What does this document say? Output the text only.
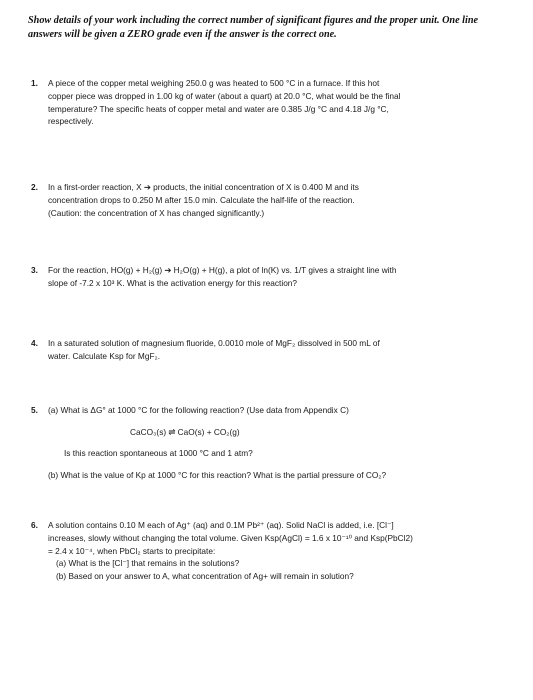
Show details of your work including the correct number of significant figures and the proper unit. One line answers will be given a ZERO grade even if the answer is the correct one.
1. A piece of the copper metal weighing 250.0 g was heated to 500 °C in a furnace. If this hot

copper piece was dropped in 1.00 kg of water (about a quart) at 20.0 °C, what would be the final

temperature? The specific heats of copper metal and water are 0.385 J/g °C and 4.18 J/g °C,

respectively.

2. In a first-order reaction, X ➔ products, the initial concentration of X is 0.400 M and its

concentration drops to 0.250 M after 15.0 min. Calculate the half-life of the reaction.

(Caution: the concentration of X has changed significantly.)

3. For the reaction, HO(g) + H₂(g) ➔ H₂O(g) + H(g), a plot of ln(K) vs. 1/T gives a straight line with

slope of -7.2 x 10³ K. What is the activation energy for this reaction?

4. In a saturated solution of magnesium fluoride, 0.0010 mole of MgF₂ dissolved in 500 mL of

water. Calculate Ksp for MgF₂.

5. (a) What is ΔG° at 1000 °C for the following reaction? (Use data from Appendix C)

CaCO₃(s) ⇌ CaO(s) + CO₂(g)

Is this reaction spontaneous at 1000 °C and 1 atm?

(b) What is the value of Kp at 1000 °C for this reaction? What is the partial pressure of CO₂?

6. A solution contains 0.10 M each of Ag⁺ (aq) and 0.1M Pb²⁺ (aq). Solid NaCl is added, i.e. [Cl⁻]

increases, slowly without changing the total volume. Given Ksp(AgCl) = 1.6 x 10⁻¹⁰ and Ksp(PbCl2)

= 2.4 x 10⁻⁴, when PbCl₂ starts to precipitate:

(a) What is the [Cl⁻] that remains in the solutions?

(b) Based on your answer to A, what concentration of Ag+ will remain in solution?
